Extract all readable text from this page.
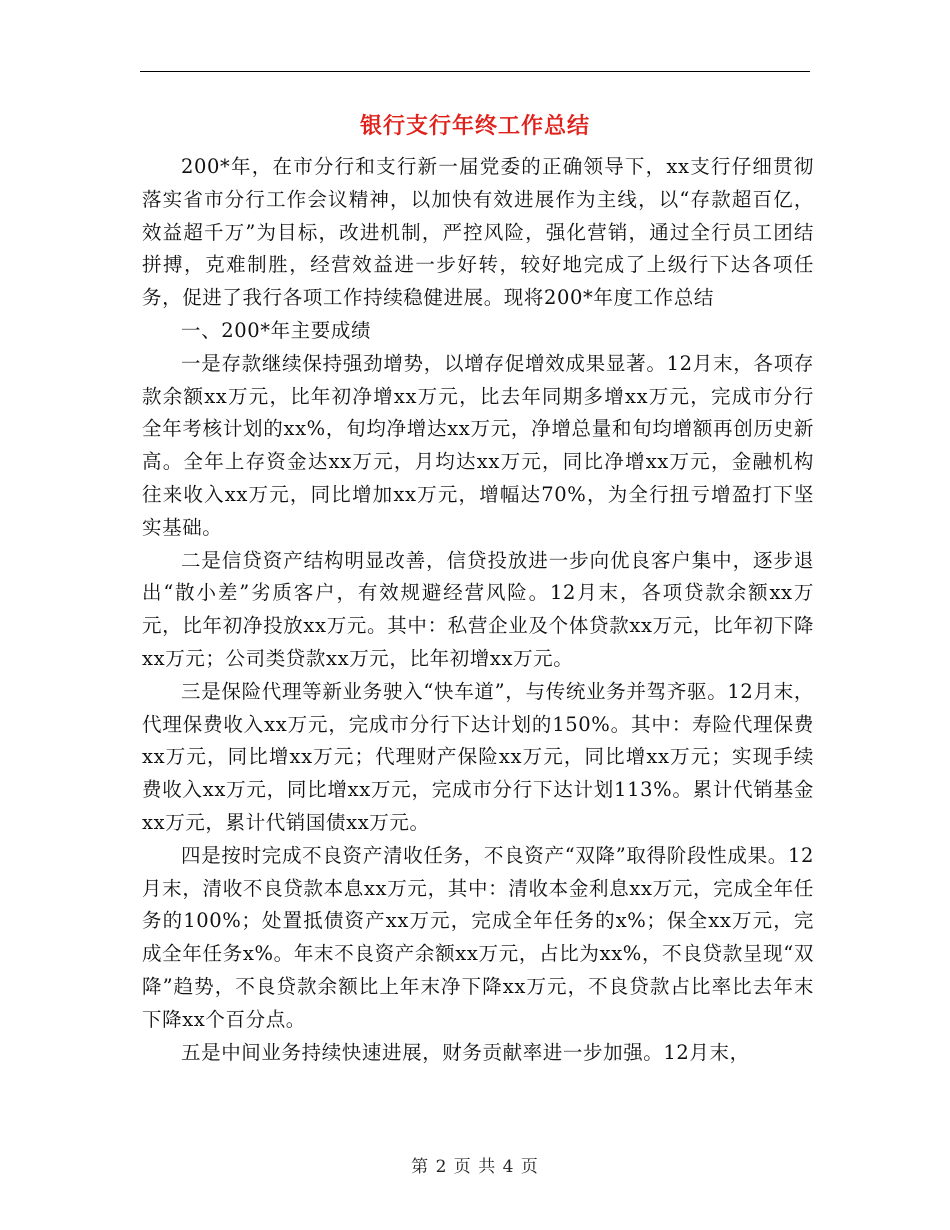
银行支行年终工作总结

200*年，在市分行和支行新一届党委的正确领导下，xx支行仔细贯彻落实省市分行工作会议精神，以加快有效进展作为主线，以“存款超百亿，效益超千万”为目标，改进机制，严控风险，强化营销，通过全行员工团结拼搏，克难制胜，经营效益进一步好转，较好地完成了上级行下达各项任务，促进了我行各项工作持续稳健进展。现将200*年度工作总结

一、200*年主要成绩

一是存款继续保持强劲增势，以增存促增效成果显著。12月末，各项存款余额xx万元，比年初净增xx万元，比去年同期多增xx万元，完成市分行全年考核计划的xx%，旬均净增达xx万元，净增总量和旬均增额再创历史新高。全年上存资金达xx万元，月均达xx万元，同比净增xx万元，金融机构往来收入xx万元，同比增加xx万元，增幅达70%，为全行扭亏增盈打下坚实基础。

二是信贷资产结构明显改善，信贷投放进一步向优良客户集中，逐步退出“散小差”劣质客户，有效规避经营风险。12月末，各项贷款余额xx万元，比年初净投放xx万元。其中：私营企业及个体贷款xx万元，比年初下降xx万元；公司类贷款xx万元，比年初增xx万元。

三是保险代理等新业务驶入“快车道”，与传统业务并驾齐驱。12月末，代理保费收入xx万元，完成市分行下达计划的150%。其中：寿险代理保费xx万元，同比增xx万元；代理财产保险xx万元，同比增xx万元；实现手续费收入xx万元，同比增xx万元，完成市分行下达计划113%。累计代销基金xx万元，累计代销国债xx万元。

四是按时完成不良资产清收任务，不良资产“双降”取得阶段性成果。12月末，清收不良贷款本息xx万元，其中：清收本金利息xx万元，完成全年任务的100%；处置抵债资产xx万元，完成全年任务的x%；保全xx万元，完成全年任务x%。年末不良资产余额xx万元，占比为xx%，不良贷款呈现“双降”趋势，不良贷款余额比上年末净下降xx万元，不良贷款占比率比去年末下降xx个百分点。

五是中间业务持续快速进展，财务贡献率进一步加强。12月末，

第 2 页 共 4 页
